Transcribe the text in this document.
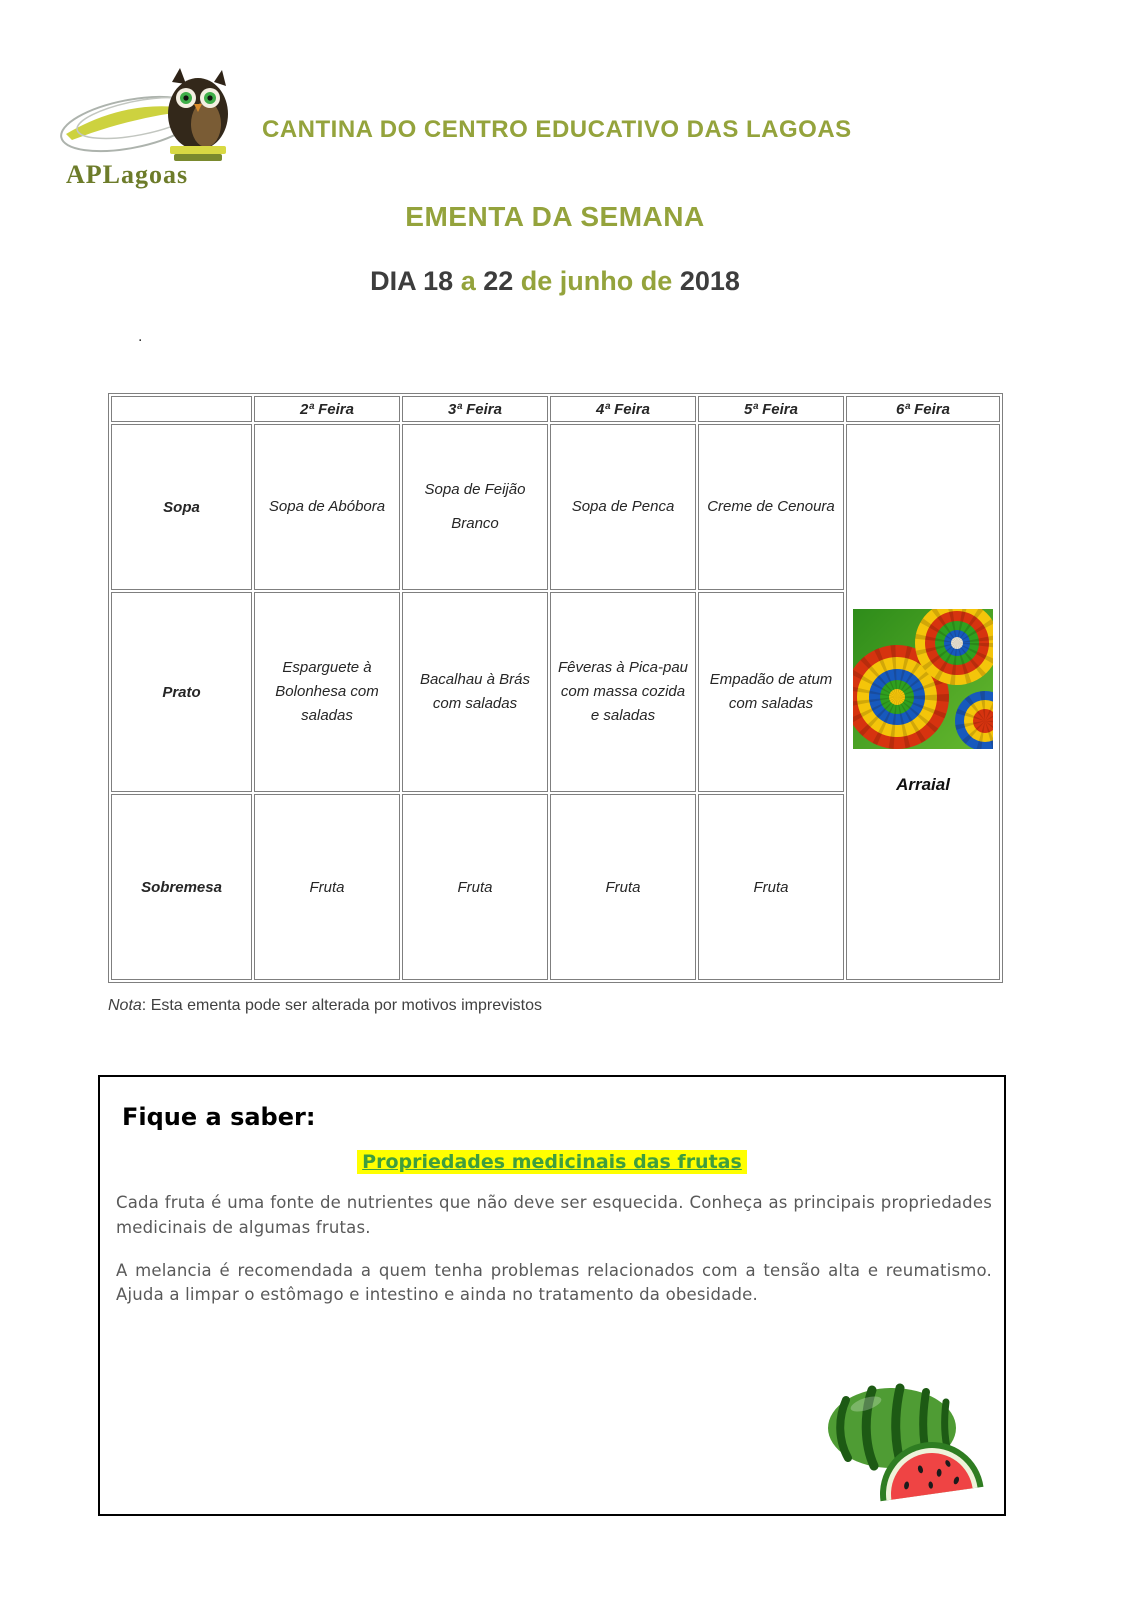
APLagoas
CANTINA DO CENTRO EDUCATIVO DAS LAGOAS
EMENTA DA SEMANA
DIA 18 a 22 de junho de 2018
.
	2ª Feira	3ª Feira	4ª Feira	5ª Feira	6ª Feira
Sopa	Sopa de Abóbora	Sopa de Feijão Branco	Sopa de Penca	Creme de Cenoura	Arraial

Prato	Esparguete à Bolonhesa com saladas	Bacalhau à Brás com saladas	Fêveras à Pica-pau com massa cozida e saladas	Empadão de atum com saladas	
Sobremesa	Fruta	Fruta	Fruta	Fruta	
Nota: Esta ementa pode ser alterada por motivos imprevistos
Fique a saber:
Propriedades medicinais das frutas

Cada fruta é uma fonte de nutrientes que não deve ser esquecida. Conheça as principais propriedades medicinais de algumas frutas.

A melancia é recomendada a quem tenha problemas relacionados com a tensão alta e reumatismo. Ajuda a limpar o estômago e intestino e ainda no tratamento da obesidade.
